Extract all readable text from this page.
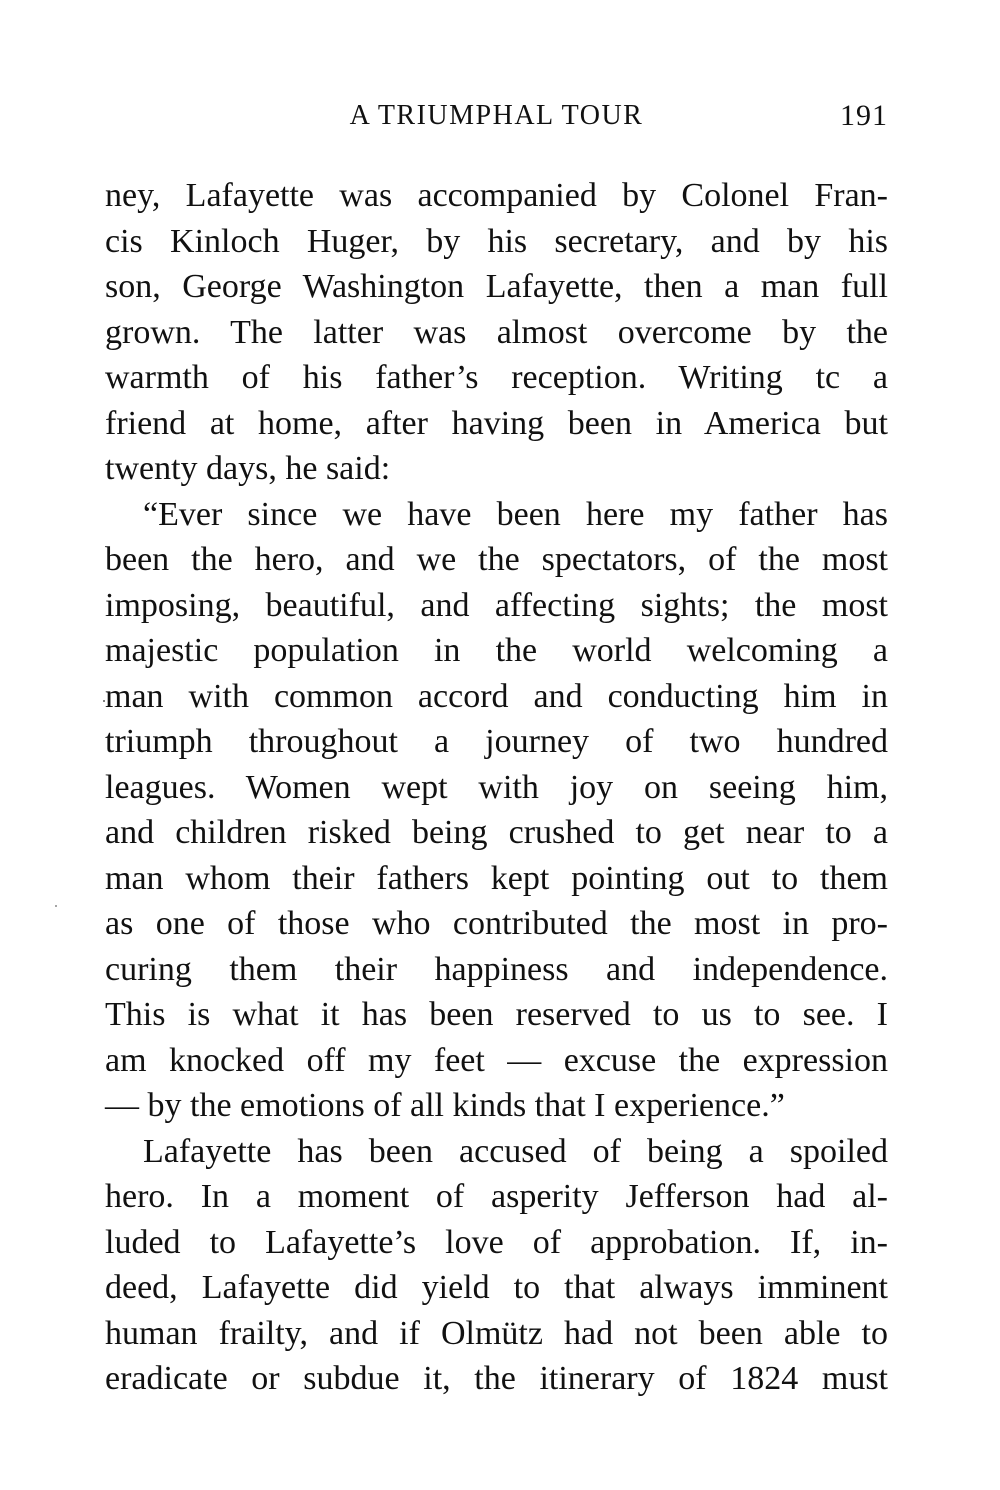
A TRIUMPHAL TOUR	191
ney, Lafayette was accompanied by Colonel Fran-
cis Kinloch Huger, by his secretary, and by his
son, George Washington Lafayette, then a man full
grown. The latter was almost overcome by the
warmth of his father’s reception. Writing tc a
friend at home, after having been in America but
twenty days, he said:
“Ever since we have been here my father has
been the hero, and we the spectators, of the most
imposing, beautiful, and affecting sights; the most
majestic population in the world welcoming a
man with common accord and conducting him in
triumph throughout a journey of two hundred
leagues. Women wept with joy on seeing him,
and children risked being crushed to get near to a
man whom their fathers kept pointing out to them
as one of those who contributed the most in pro-
curing them their happiness and independence.
This is what it has been reserved to us to see. I
am knocked off my feet — excuse the expression
— by the emotions of all kinds that I experience.”
Lafayette has been accused of being a spoiled
hero. In a moment of asperity Jefferson had al-
luded to Lafayette’s love of approbation. If, in-
deed, Lafayette did yield to that always imminent
human frailty, and if Olmütz had not been able to
eradicate or subdue it, the itinerary of 1824 must
